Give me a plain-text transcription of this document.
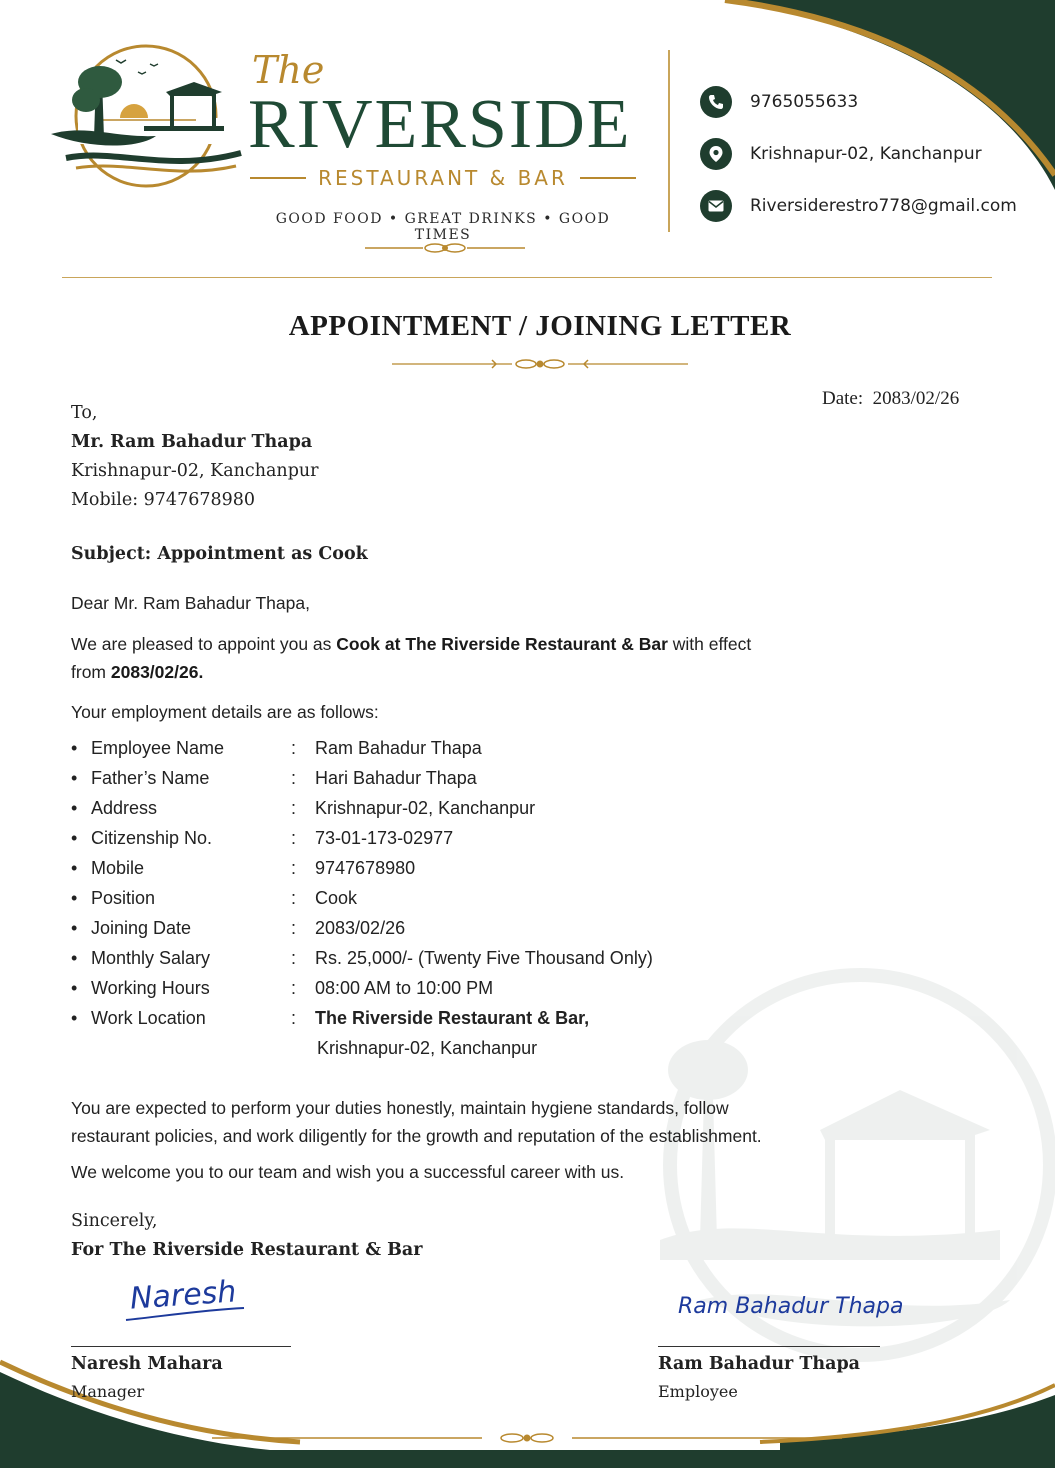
The
RIVERSIDE
RESTAURANT & BAR
GOOD FOOD • GREAT DRINKS • GOOD TIMES
9765055633
Krishnapur-02, Kanchanpur
Riversiderestro778@gmail.com
APPOINTMENT / JOINING LETTER
Date: 2083/02/26
To,
Mr. Ram Bahadur Thapa
Krishnapur-02, Kanchanpur
Mobile: 9747678980
Subject: Appointment as Cook
Dear Mr. Ram Bahadur Thapa,
We are pleased to appoint you as Cook at The Riverside Restaurant & Bar with effect
from 2083/02/26.
Your employment details are as follows:
• Employee Name	: Ram Bahadur Thapa
• Father’s Name	: Hari Bahadur Thapa
• Address	: Krishnapur-02, Kanchanpur
• Citizenship No.	: 73-01-173-02977
• Mobile	: 9747678980
• Position	: Cook
• Joining Date	: 2083/02/26
• Monthly Salary	: Rs. 25,000/- (Twenty Five Thousand Only)
• Working Hours	: 08:00 AM to 10:00 PM
• Work Location	: The Riverside Restaurant & Bar,
Krishnapur-02, Kanchanpur
You are expected to perform your duties honestly, maintain hygiene standards, follow
restaurant policies, and work diligently for the growth and reputation of the establishment.
We welcome you to our team and wish you a successful career with us.
Sincerely,
For The Riverside Restaurant & Bar
Naresh
Naresh Mahara
Manager
Ram Bahadur Thapa
Ram Bahadur Thapa
Employee
